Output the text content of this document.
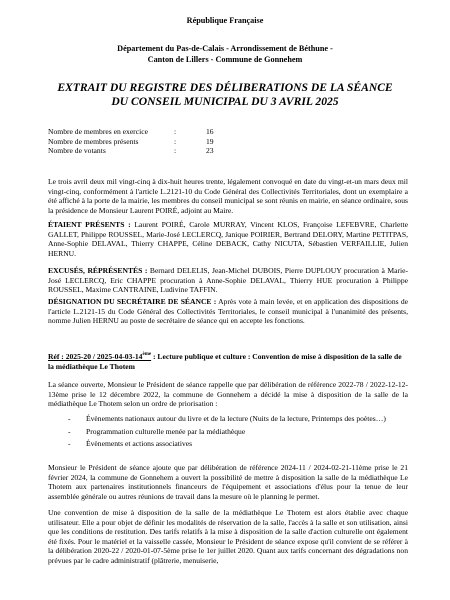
République Française
Département du Pas-de-Calais - Arrondissement de Béthune -
Canton de Lillers - Commune de Gonnehem
EXTRAIT DU REGISTRE DES DÉLIBERATIONS DE LA SÉANCE
DU CONSEIL MUNICIPAL DU 3 AVRIL 2025
Nombre de membres en exercice	:	16
Nombre de membres présents	:	19
Nombre de votants	:	23
Le trois avril deux mil vingt-cinq à dix-huit heures trente, légalement convoqué en date du vingt-et-un mars deux mil vingt-cinq, conformément à l'article L.2121-10 du Code Général des Collectivités Territoriales, dont un exemplaire a été affiché à la porte de la mairie, les membres du conseil municipal se sont réunis en mairie, en séance ordinaire, sous la présidence de Monsieur Laurent POIRÉ, adjoint au Maire.
ÉTAIENT PRÉSENTS : Laurent POIRÉ, Carole MURRAY, Vincent KLOS, Françoise LEFEBVRE, Charlette GALLET, Philippe ROUSSEL, Marie-José LECLERCQ, Janique POIRIER, Bertrand DELORY, Martine PETITPAS, Anne-Sophie DELAVAL, Thierry CHAPPE, Céline DEBACK, Cathy NICUTA, Sébastien VERFAILLIE, Julien HERNU.
EXCUSÉS, RÉPRÉSENTÉS : Bernard DELELIS, Jean-Michel DUBOIS, Pierre DUPLOUY procuration à Marie-José LECLERCQ, Eric CHAPPE procuration à Anne-Sophie DELAVAL, Thierry HUE procuration à Philippe ROUSSEL, Maxime CANTRAINE, Ludivine TAFFIN.
DÉSIGNATION DU SECRÉTAIRE DE SÉANCE : Après vote à main levée, et en application des dispositions de l'article L.2121-15 du Code Général des Collectivités Territoriales, le conseil municipal à l'unanimité des présents, nomme Julien HERNU au poste de secrétaire de séance qui en accepte les fonctions.
Réf : 2025-20 / 2025-04-03-14ème : Lecture publique et culture : Convention de mise à disposition de la salle de la médiathèque Le Thotem
La séance ouverte, Monsieur le Président de séance rappelle que par délibération de référence 2022-78 / 2022-12-12-13ème prise le 12 décembre 2022, la commune de Gonnehem a décidé la mise à disposition de la salle de la médiathèque Le Thotem selon un ordre de priorisation :
-	Évènements nationaux autour du livre et de la lecture (Nuits de la lecture, Printemps des poètes…)
-	Programmation culturelle menée par la médiathèque
-	Évènements et actions associatives
Monsieur le Président de séance ajoute que par délibération de référence 2024-11 / 2024-02-21-11ème prise le 21 février 2024, la commune de Gonnehem a ouvert la possibilité de mettre à disposition la salle de la médiathèque Le Thotem aux partenaires institutionnels financeurs de l'équipement et associations d'élus pour la tenue de leur assemblée générale ou autres réunions de travail dans la mesure où le planning le permet.
Une convention de mise à disposition de la salle de la médiathèque Le Thotem est alors établie avec chaque utilisateur. Elle a pour objet de définir les modalités de réservation de la salle, l'accès à la salle et son utilisation, ainsi que les conditions de restitution. Des tarifs relatifs à la mise à disposition de la salle d'action culturelle ont également été fixés. Pour le matériel et la vaisselle cassée, Monsieur le Président de séance expose qu'il convient de se référer à la délibération 2020-22 / 2020-01-07-5ème prise le 1er juillet 2020. Quant aux tarifs concernant des dégradations non prévues par le cadre administratif (plâtrerie, menuiserie,
